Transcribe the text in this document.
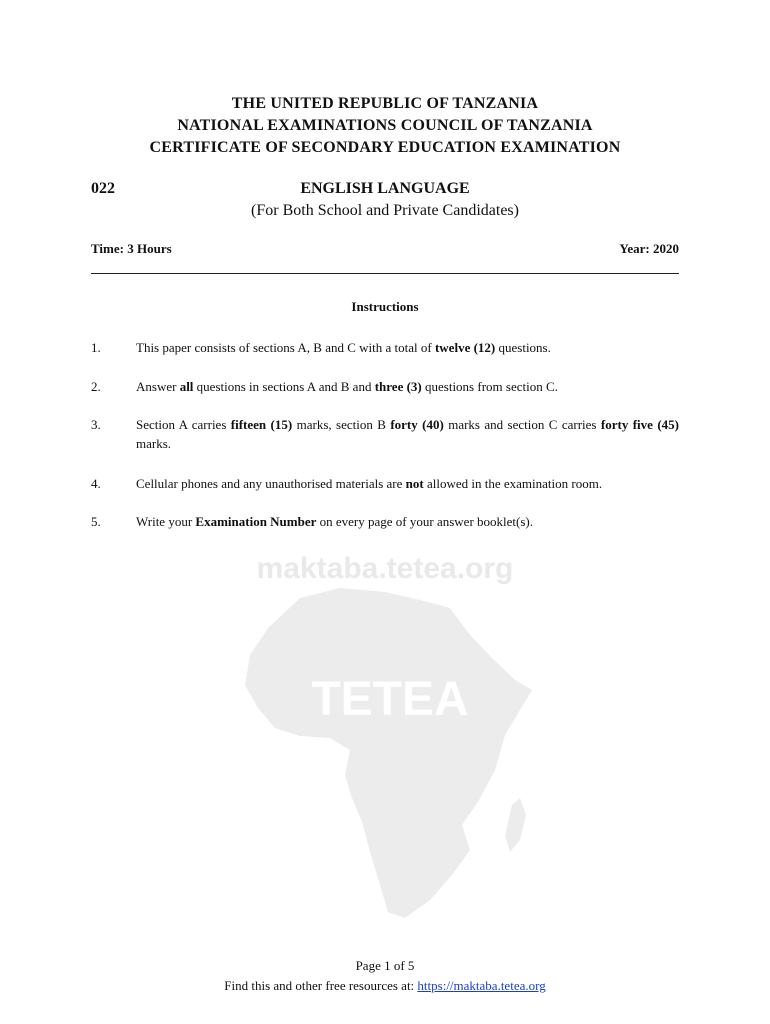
THE UNITED REPUBLIC OF TANZANIA
NATIONAL EXAMINATIONS COUNCIL OF TANZANIA
CERTIFICATE OF SECONDARY EDUCATION EXAMINATION
022	ENGLISH LANGUAGE
(For Both School and Private Candidates)
Time: 3 Hours	Year: 2020
Instructions
1.	This paper consists of sections A, B and C with a total of twelve (12) questions.
2.	Answer all questions in sections A and B and three (3) questions from section C.
3.	Section A carries fifteen (15) marks, section B forty (40) marks and section C carries forty five (45) marks.
4.	Cellular phones and any unauthorised materials are not allowed in the examination room.
5.	Write your Examination Number on every page of your answer booklet(s).
maktaba.tetea.org
TETEA
Page 1 of 5
Find this and other free resources at: https://maktaba.tetea.org
